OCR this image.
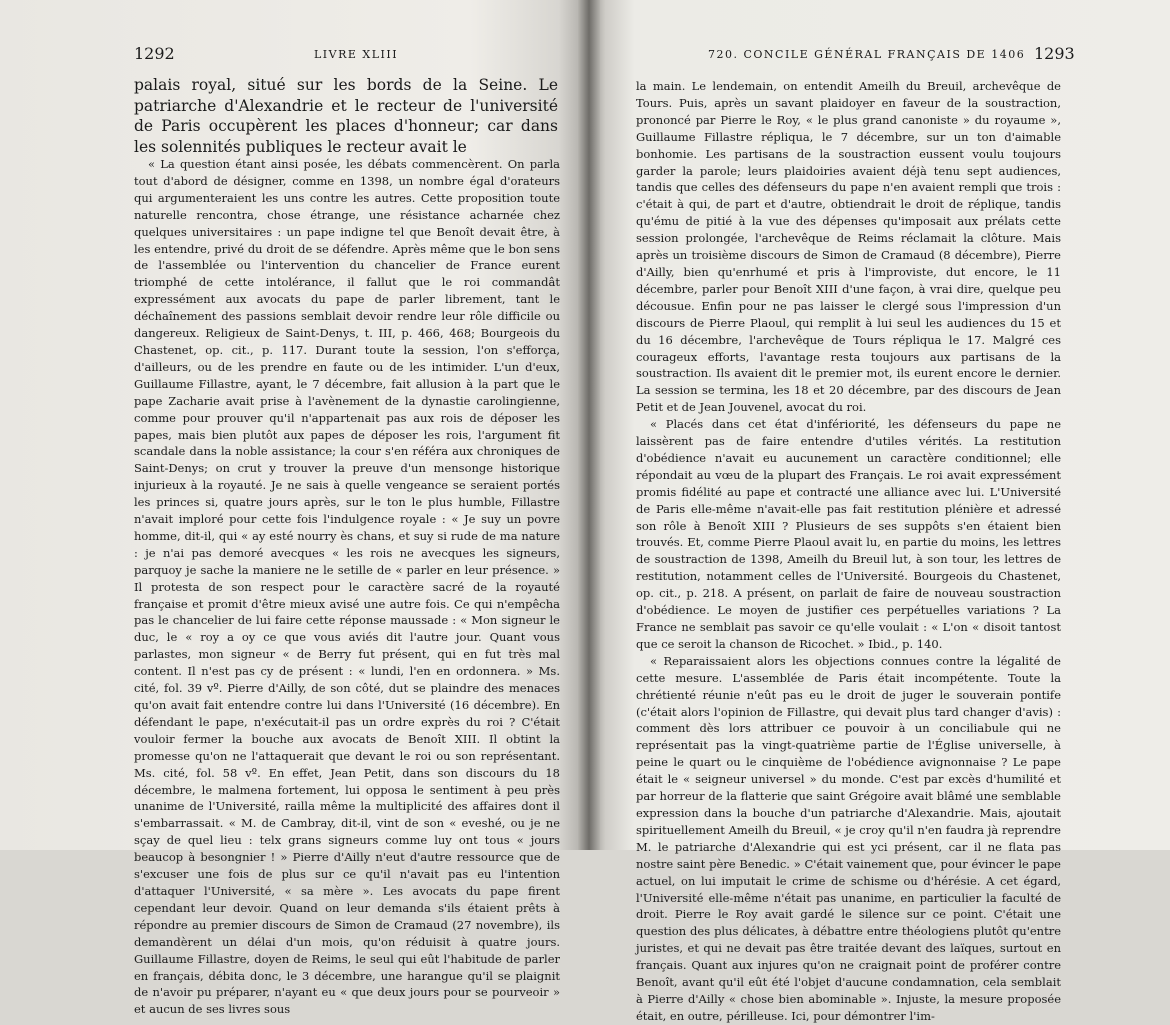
1292	LIVRE XLIII
palais royal, situé sur les bords de la Seine. Le patriarche d'Alexandrie et le recteur de l'université de Paris occupèrent les places d'honneur; car dans les solennités publiques le recteur avait le

« La question étant ainsi posée, les débats commencèrent. On parla tout d'abord de désigner, comme en 1398, un nombre égal d'orateurs qui argumenteraient les uns contre les autres. Cette proposition toute naturelle rencontra, chose étrange, une résistance acharnée chez quelques universitaires : un pape indigne tel que Benoît devait être, à les entendre, privé du droit de se défendre. Après même que le bon sens de l'assemblée ou l'intervention du chancelier de France eurent triomphé de cette intolérance, il fallut que le roi commandât expressément aux avocats du pape de parler librement, tant le déchaînement des passions semblait devoir rendre leur rôle difficile ou dangereux. Religieux de Saint-Denys, t. III, p. 466, 468; Bourgeois du Chastenet, op. cit., p. 117. Durant toute la session, l'on s'efforça, d'ailleurs, ou de les prendre en faute ou de les intimider. L'un d'eux, Guillaume Fillastre, ayant, le 7 décembre, fait allusion à la part que le pape Zacharie avait prise à l'avènement de la dynastie carolingienne, comme pour prouver qu'il n'appartenait pas aux rois de déposer les papes, mais bien plutôt aux papes de déposer les rois, l'argument fit scandale dans la noble assistance; la cour s'en référa aux chroniques de Saint-Denys; on crut y trouver la preuve d'un mensonge historique injurieux à la royauté. Je ne sais à quelle vengeance se seraient portés les princes si, quatre jours après, sur le ton le plus humble, Fillastre n'avait imploré pour cette fois l'indulgence royale : « Je suy un povre homme, dit-il, qui « ay esté nourry ès chans, et suy si rude de ma nature : je n'ai pas demoré avecques « les rois ne avecques les signeurs, parquoy je sache la maniere ne le setille de « parler en leur présence. » Il protesta de son respect pour le caractère sacré de la royauté française et promit d'être mieux avisé une autre fois. Ce qui n'empêcha pas le chancelier de lui faire cette réponse maussade : « Mon signeur le duc, le « roy a oy ce que vous aviés dit l'autre jour. Quant vous parlastes, mon signeur « de Berry fut présent, qui en fut très mal content. Il n'est pas cy de présent : « lundi, l'en en ordonnera. » Ms. cité, fol. 39 vº. Pierre d'Ailly, de son côté, dut se plaindre des menaces qu'on avait fait entendre contre lui dans l'Université (16 décembre). En défendant le pape, n'exécutait-il pas un ordre exprès du roi ? C'était vouloir fermer la bouche aux avocats de Benoît XIII. Il obtint la promesse qu'on ne l'attaquerait que devant le roi ou son représentant. Ms. cité, fol. 58 vº. En effet, Jean Petit, dans son discours du 18 décembre, le malmena fortement, lui opposa le sentiment à peu près unanime de l'Université, railla même la multiplicité des affaires dont il s'embarrassait. « M. de Cambray, dit-il, vint de son « eveshé, ou je ne sçay de quel lieu : telx grans signeurs comme luy ont tous « jours beaucop à besongnier ! » Pierre d'Ailly n'eut d'autre ressource que de s'excuser une fois de plus sur ce qu'il n'avait pas eu l'intention d'attaquer l'Université, « sa mère ». Les avocats du pape firent cependant leur devoir. Quand on leur demanda s'ils étaient prêts à répondre au premier discours de Simon de Cramaud (27 novembre), ils demandèrent un délai d'un mois, qu'on réduisit à quatre jours. Guillaume Fillastre, doyen de Reims, le seul qui eût l'habitude de parler en français, débita donc, le 3 décembre, une harangue qu'il se plaignit de n'avoir pu préparer, n'ayant eu « que deux jours pour se pourveoir » et aucun de ses livres sous

720. CONCILE GÉNÉRAL FRANÇAIS DE 1406 1293

la main. Le lendemain, on entendit Ameilh du Breuil, archevêque de Tours. Puis, après un savant plaidoyer en faveur de la soustraction, prononcé par Pierre le Roy, « le plus grand canoniste » du royaume », Guillaume Fillastre répliqua, le 7 décembre, sur un ton d'aimable bonhomie. Les partisans de la soustraction eussent voulu toujours garder la parole; leurs plaidoiries avaient déjà tenu sept audiences, tandis que celles des défenseurs du pape n'en avaient rempli que trois : c'était à qui, de part et d'autre, obtiendrait le droit de réplique, tandis qu'ému de pitié à la vue des dépenses qu'imposait aux prélats cette session prolongée, l'archevêque de Reims réclamait la clôture. Mais après un troisième discours de Simon de Cramaud (8 décembre), Pierre d'Ailly, bien qu'enrhumé et pris à l'improviste, dut encore, le 11 décembre, parler pour Benoît XIII d'une façon, à vrai dire, quelque peu décousue. Enfin pour ne pas laisser le clergé sous l'impression d'un discours de Pierre Plaoul, qui remplit à lui seul les audiences du 15 et du 16 décembre, l'archevêque de Tours répliqua le 17. Malgré ces courageux efforts, l'avantage resta toujours aux partisans de la soustraction. Ils avaient dit le premier mot, ils eurent encore le dernier. La session se termina, les 18 et 20 décembre, par des discours de Jean Petit et de Jean Jouvenel, avocat du roi.

« Placés dans cet état d'infériorité, les défenseurs du pape ne laissèrent pas de faire entendre d'utiles vérités. La restitution d'obédience n'avait eu aucunement un caractère conditionnel; elle répondait au vœu de la plupart des Français. Le roi avait expressément promis fidélité au pape et contracté une alliance avec lui. L'Université de Paris elle-même n'avait-elle pas fait restitution plénière et adressé son rôle à Benoît XIII ? Plusieurs de ses suppôts s'en étaient bien trouvés. Et, comme Pierre Plaoul avait lu, en partie du moins, les lettres de soustraction de 1398, Ameilh du Breuil lut, à son tour, les lettres de restitution, notamment celles de l'Université. Bourgeois du Chastenet, op. cit., p. 218. A présent, on parlait de faire de nouveau soustraction d'obédience. Le moyen de justifier ces perpétuelles variations ? La France ne semblait pas savoir ce qu'elle voulait : « L'on « disoit tantost que ce seroit la chanson de Ricochet. » Ibid., p. 140.

« Reparaissaient alors les objections connues contre la légalité de cette mesure. L'assemblée de Paris était incompétente. Toute la chrétienté réunie n'eût pas eu le droit de juger le souverain pontife (c'était alors l'opinion de Fillastre, qui devait plus tard changer d'avis) : comment dès lors attribuer ce pouvoir à un conciliabule qui ne représentait pas la vingt-quatrième partie de l'Église universelle, à peine le quart ou le cinquième de l'obédience avignonnaise ? Le pape était le « seigneur universel » du monde. C'est par excès d'humilité et par horreur de la flatterie que saint Grégoire avait blâmé une semblable expression dans la bouche d'un patriarche d'Alexandrie. Mais, ajoutait spirituellement Ameilh du Breuil, « je croy qu'il n'en faudra jà reprendre M. le patriarche d'Alexandrie qui est yci présent, car il ne flata pas nostre saint père Benedic. » C'était vainement que, pour évincer le pape actuel, on lui imputait le crime de schisme ou d'hérésie. A cet égard, l'Université elle-même n'était pas unanime, en particulier la faculté de droit. Pierre le Roy avait gardé le silence sur ce point. C'était une question des plus délicates, à débattre entre théologiens plutôt qu'entre juristes, et qui ne devait pas être traitée devant des laïques, surtout en français. Quant aux injures qu'on ne craignait point de proférer contre Benoît, avant qu'il eût été l'objet d'aucune condamnation, cela semblait à Pierre d'Ailly « chose bien abominable ». Injuste, la mesure proposée était, en outre, périlleuse. Ici, pour démontrer l'im-
